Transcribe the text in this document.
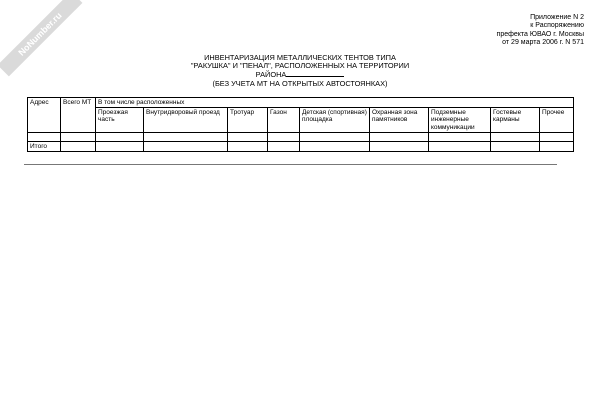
NoNumber.ru	Приложение N 2
к Распоряжению
префекта ЮВАО г. Москвы
от 29 марта 2006 г. N 571
ИНВЕНТАРИЗАЦИЯ МЕТАЛЛИЧЕСКИХ ТЕНТОВ ТИПА
"РАКУШКА" И "ПЕНАЛ", РАСПОЛОЖЕННЫХ НА ТЕРРИТОРИИ
РАЙОНА
(БЕЗ УЧЕТА МТ НА ОТКРЫТЫХ АВТОСТОЯНКАХ)
Адрес	Всего МТ	В том числе расположенных								
		Проезжая часть	Внутридворовый проезд	Тротуар	Газон	Детская (спортивная) площадка	Охранная зона памятников	Подземные инженерные коммуникации	Гостевые карманы	Прочее

Итого										
